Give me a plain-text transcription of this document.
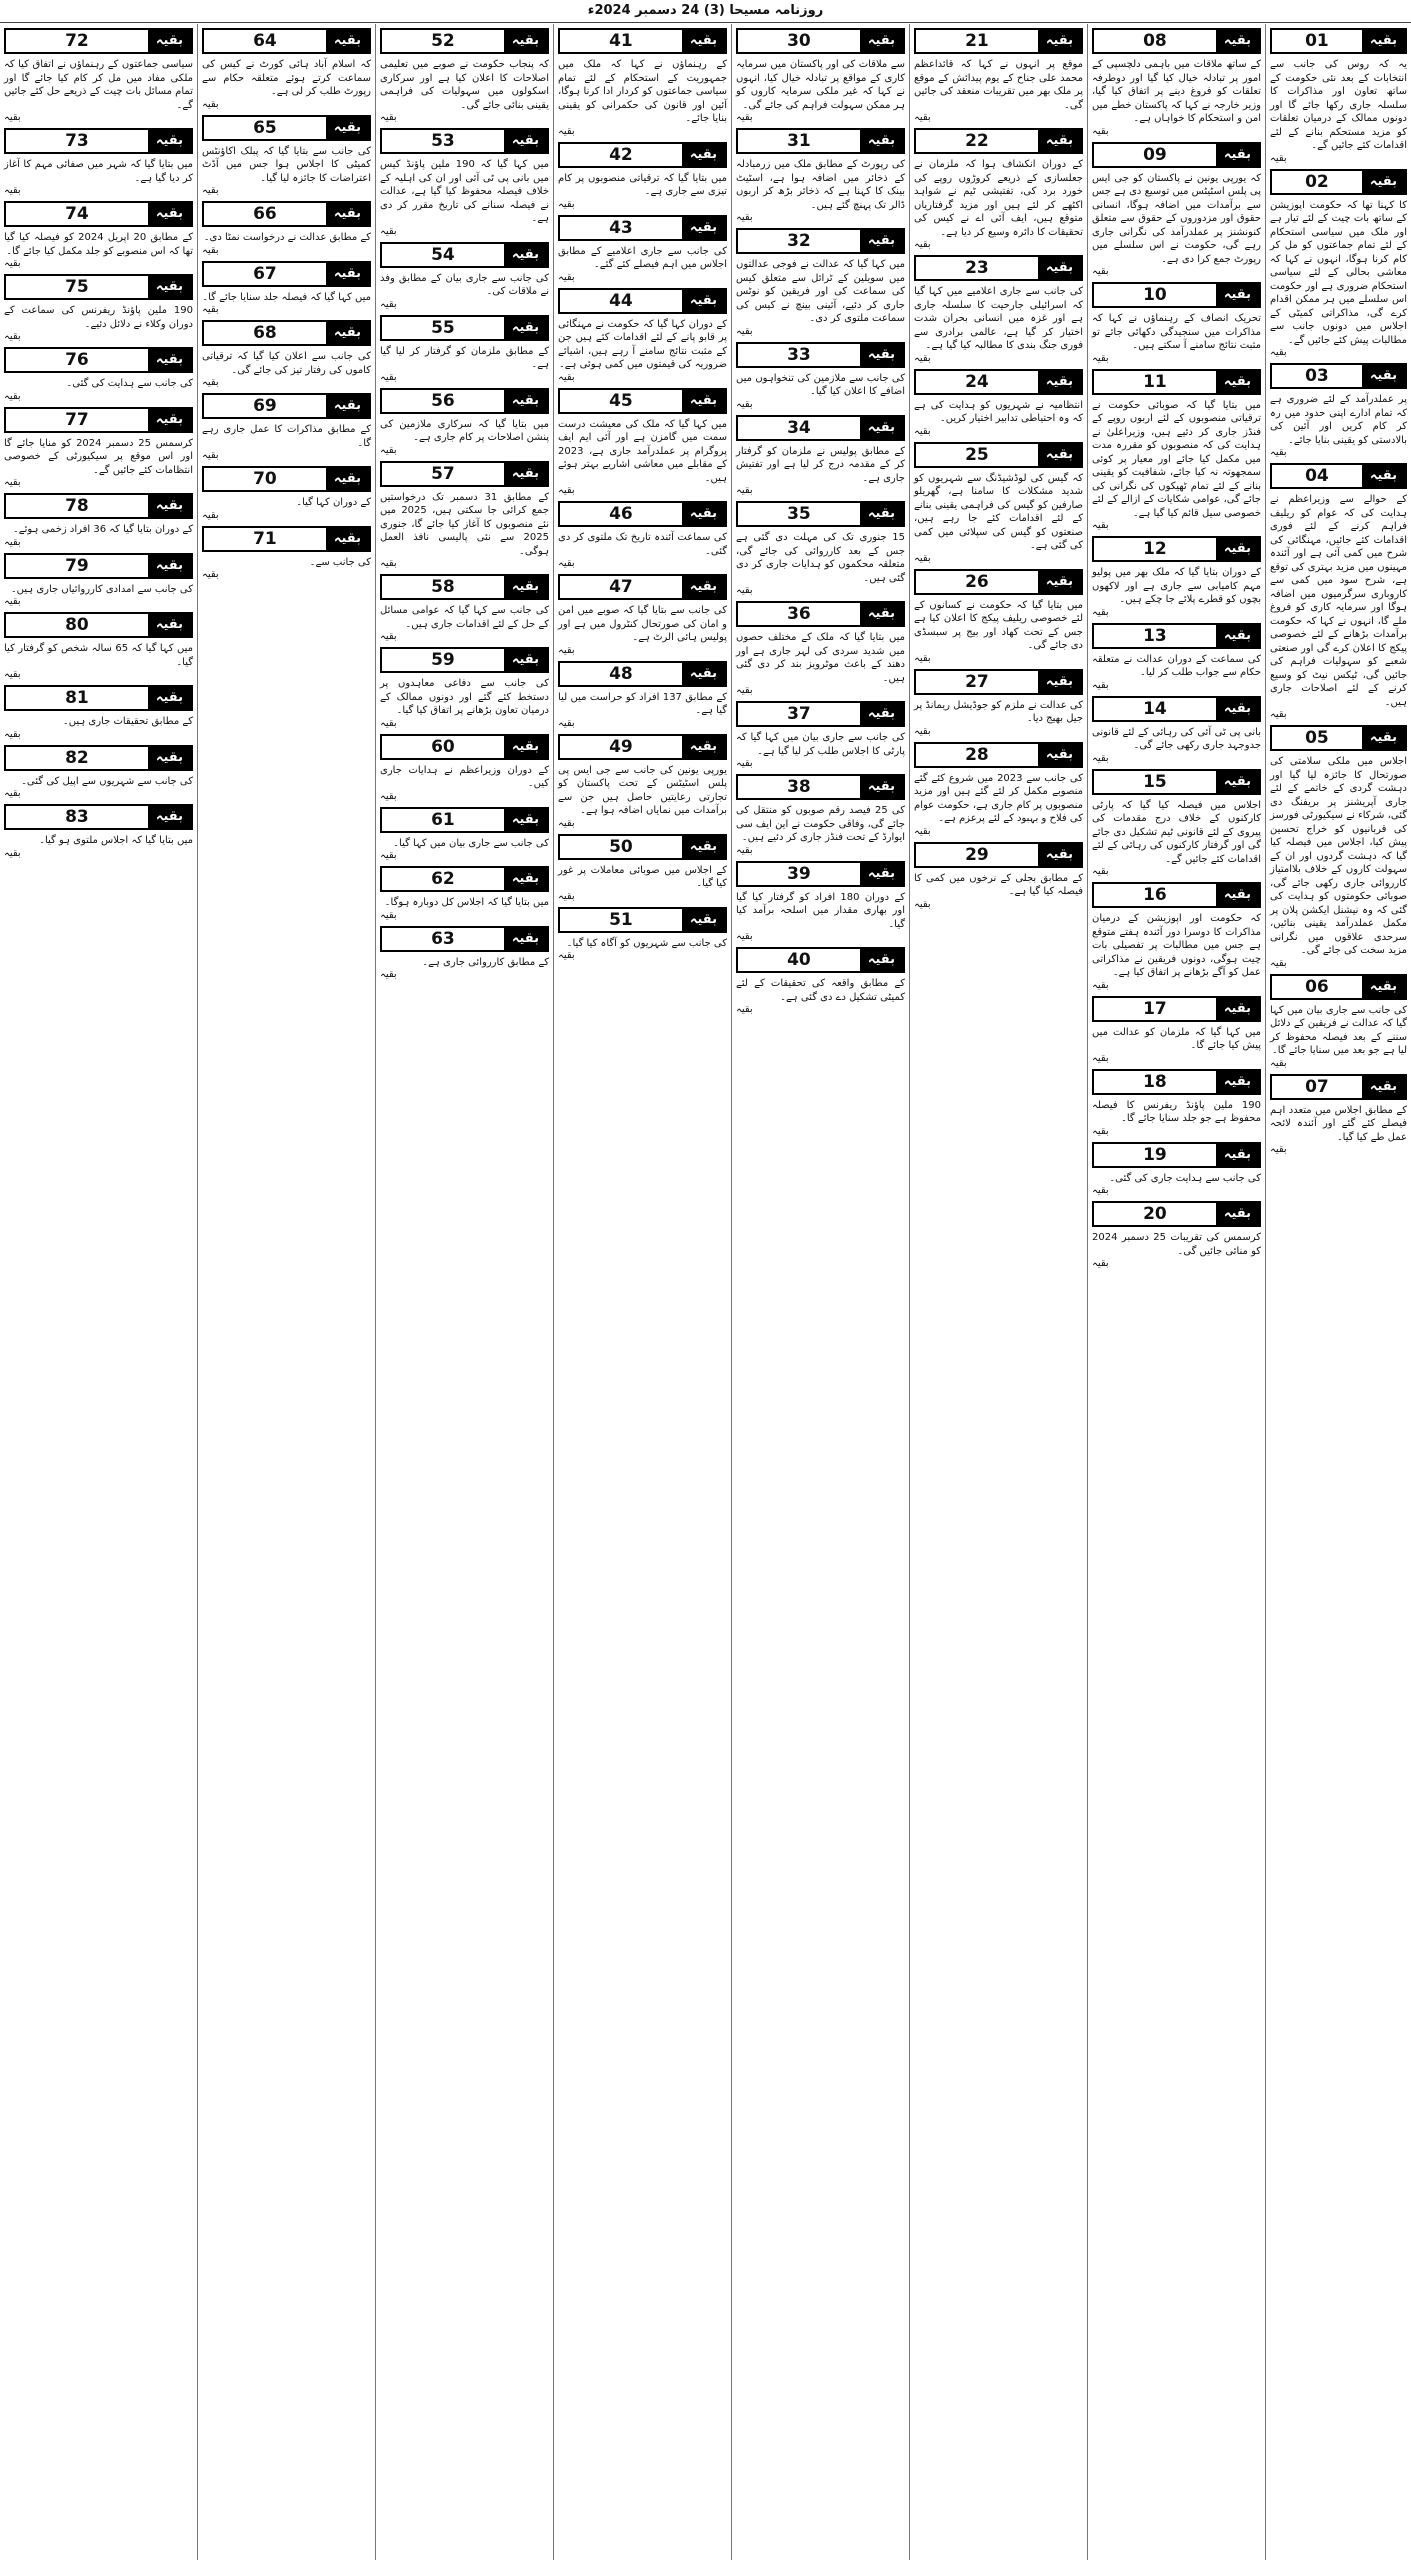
روزنامہ مسیحا (3) 24 دسمبر 2024ء
بقیہ
01

یہ کہ روس کی جانب سے انتخابات کے بعد نئی حکومت کے ساتھ تعاون اور مذاکرات کا سلسلہ جاری رکھا جائے گا اور دونوں ممالک کے درمیان تعلقات کو مزید مستحکم بنانے کے لئے اقدامات کئے جائیں گے۔

بقیہ
بقیہ
02

کا کہنا تھا کہ حکومت اپوزیشن کے ساتھ بات چیت کے لئے تیار ہے اور ملک میں سیاسی استحکام کے لئے تمام جماعتوں کو مل کر کام کرنا ہوگا، انہوں نے کہا کہ معاشی بحالی کے لئے سیاسی استحکام ضروری ہے اور حکومت اس سلسلے میں ہر ممکن اقدام کرے گی، مذاکراتی کمیٹی کے اجلاس میں دونوں جانب سے مطالبات پیش کئے جائیں گے۔

بقیہ
بقیہ
03

پر عملدرآمد کے لئے ضروری ہے کہ تمام ادارے اپنی حدود میں رہ کر کام کریں اور آئین کی بالادستی کو یقینی بنایا جائے۔

بقیہ
بقیہ
04

کے حوالے سے وزیراعظم نے ہدایت کی کہ عوام کو ریلیف فراہم کرنے کے لئے فوری اقدامات کئے جائیں، مہنگائی کی شرح میں کمی آئی ہے اور آئندہ مہینوں میں مزید بہتری کی توقع ہے، شرح سود میں کمی سے کاروباری سرگرمیوں میں اضافہ ہوگا اور سرمایہ کاری کو فروغ ملے گا، انہوں نے کہا کہ حکومت برآمدات بڑھانے کے لئے خصوصی پیکج کا اعلان کرے گی اور صنعتی شعبے کو سہولیات فراہم کی جائیں گی، ٹیکس نیٹ کو وسیع کرنے کے لئے اصلاحات جاری ہیں۔

بقیہ
بقیہ
05

اجلاس میں ملکی سلامتی کی صورتحال کا جائزہ لیا گیا اور دہشت گردی کے خاتمے کے لئے جاری آپریشنز پر بریفنگ دی گئی، شرکاء نے سیکیورٹی فورسز کی قربانیوں کو خراج تحسین پیش کیا، اجلاس میں فیصلہ کیا گیا کہ دہشت گردوں اور ان کے سہولت کاروں کے خلاف بلاامتیاز کارروائی جاری رکھی جائے گی، صوبائی حکومتوں کو ہدایت کی گئی کہ وہ نیشنل ایکشن پلان پر مکمل عملدرآمد یقینی بنائیں، سرحدی علاقوں میں نگرانی مزید سخت کی جائے گی۔

بقیہ
بقیہ
06

کی جانب سے جاری بیان میں کہا گیا کہ عدالت نے فریقین کے دلائل سننے کے بعد فیصلہ محفوظ کر لیا ہے جو بعد میں سنایا جائے گا۔

بقیہ
بقیہ
07

کے مطابق اجلاس میں متعدد اہم فیصلے کئے گئے اور آئندہ لائحہ عمل طے کیا گیا۔

بقیہ
بقیہ
08

کے ساتھ ملاقات میں باہمی دلچسپی کے امور پر تبادلہ خیال کیا گیا اور دوطرفہ تعلقات کو فروغ دینے پر اتفاق کیا گیا، وزیر خارجہ نے کہا کہ پاکستان خطے میں امن و استحکام کا خواہاں ہے۔

بقیہ
بقیہ
09

کہ یورپی یونین نے پاکستان کو جی ایس پی پلس اسٹیٹس میں توسیع دی ہے جس سے برآمدات میں اضافہ ہوگا، انسانی حقوق اور مزدوروں کے حقوق سے متعلق کنونشنز پر عملدرآمد کی نگرانی جاری رہے گی، حکومت نے اس سلسلے میں رپورٹ جمع کرا دی ہے۔

بقیہ
بقیہ
10

تحریک انصاف کے رہنماؤں نے کہا کہ مذاکرات میں سنجیدگی دکھائی جائے تو مثبت نتائج سامنے آ سکتے ہیں۔

بقیہ
بقیہ
11

میں بتایا گیا کہ صوبائی حکومت نے ترقیاتی منصوبوں کے لئے اربوں روپے کے فنڈز جاری کر دئیے ہیں، وزیراعلیٰ نے ہدایت کی کہ منصوبوں کو مقررہ مدت میں مکمل کیا جائے اور معیار پر کوئی سمجھوتہ نہ کیا جائے، شفافیت کو یقینی بنانے کے لئے تمام ٹھیکوں کی نگرانی کی جائے گی، عوامی شکایات کے ازالے کے لئے خصوصی سیل قائم کیا گیا ہے۔

بقیہ
بقیہ
12

کے دوران بتایا گیا کہ ملک بھر میں پولیو مہم کامیابی سے جاری ہے اور لاکھوں بچوں کو قطرے پلائے جا چکے ہیں۔

بقیہ
بقیہ
13

کی سماعت کے دوران عدالت نے متعلقہ حکام سے جواب طلب کر لیا۔

بقیہ
بقیہ
14

بانی پی ٹی آئی کی رہائی کے لئے قانونی جدوجہد جاری رکھی جائے گی۔

بقیہ
بقیہ
15

اجلاس میں فیصلہ کیا گیا کہ پارٹی کارکنوں کے خلاف درج مقدمات کی پیروی کے لئے قانونی ٹیم تشکیل دی جائے گی اور گرفتار کارکنوں کی رہائی کے لئے اقدامات کئے جائیں گے۔

بقیہ
بقیہ
16

کہ حکومت اور اپوزیشن کے درمیان مذاکرات کا دوسرا دور آئندہ ہفتے متوقع ہے جس میں مطالبات پر تفصیلی بات چیت ہوگی، دونوں فریقین نے مذاکراتی عمل کو آگے بڑھانے پر اتفاق کیا ہے۔

بقیہ
بقیہ
17

میں کہا گیا کہ ملزمان کو عدالت میں پیش کیا جائے گا۔

بقیہ
بقیہ
18

190 ملین پاؤنڈ ریفرنس کا فیصلہ محفوظ ہے جو جلد سنایا جائے گا۔

بقیہ
بقیہ
19

کی جانب سے ہدایت جاری کی گئی۔

بقیہ
بقیہ
20

کرسمس کی تقریبات 25 دسمبر 2024 کو منائی جائیں گی۔

بقیہ
بقیہ
21

موقع پر انہوں نے کہا کہ قائداعظم محمد علی جناح کے یوم پیدائش کے موقع پر ملک بھر میں تقریبات منعقد کی جائیں گی۔

بقیہ
بقیہ
22

کے دوران انکشاف ہوا کہ ملزمان نے جعلسازی کے ذریعے کروڑوں روپے کی خورد برد کی، تفتیشی ٹیم نے شواہد اکٹھے کر لئے ہیں اور مزید گرفتاریاں متوقع ہیں، ایف آئی اے نے کیس کی تحقیقات کا دائرہ وسیع کر دیا ہے۔

بقیہ
بقیہ
23

کی جانب سے جاری اعلامیے میں کہا گیا کہ اسرائیلی جارحیت کا سلسلہ جاری ہے اور غزہ میں انسانی بحران شدت اختیار کر گیا ہے، عالمی برادری سے فوری جنگ بندی کا مطالبہ کیا گیا ہے۔

بقیہ
بقیہ
24

انتظامیہ نے شہریوں کو ہدایت کی ہے کہ وہ احتیاطی تدابیر اختیار کریں۔

بقیہ
بقیہ
25

کہ گیس کی لوڈشیڈنگ سے شہریوں کو شدید مشکلات کا سامنا ہے، گھریلو صارفین کو گیس کی فراہمی یقینی بنانے کے لئے اقدامات کئے جا رہے ہیں، صنعتوں کو گیس کی سپلائی میں کمی کی گئی ہے۔

بقیہ
بقیہ
26

میں بتایا گیا کہ حکومت نے کسانوں کے لئے خصوصی ریلیف پیکج کا اعلان کیا ہے جس کے تحت کھاد اور بیج پر سبسڈی دی جائے گی۔

بقیہ
بقیہ
27

کی عدالت نے ملزم کو جوڈیشل ریمانڈ پر جیل بھیج دیا۔

بقیہ
بقیہ
28

کی جانب سے 2023 میں شروع کئے گئے منصوبے مکمل کر لئے گئے ہیں اور مزید منصوبوں پر کام جاری ہے، حکومت عوام کی فلاح و بہبود کے لئے پرعزم ہے۔

بقیہ
بقیہ
29

کے مطابق بجلی کے نرخوں میں کمی کا فیصلہ کیا گیا ہے۔

بقیہ
بقیہ
30

سے ملاقات کی اور پاکستان میں سرمایہ کاری کے مواقع پر تبادلہ خیال کیا، انہوں نے کہا کہ غیر ملکی سرمایہ کاروں کو ہر ممکن سہولت فراہم کی جائے گی۔

بقیہ
بقیہ
31

کی رپورٹ کے مطابق ملک میں زرمبادلہ کے ذخائر میں اضافہ ہوا ہے، اسٹیٹ بینک کا کہنا ہے کہ ذخائر بڑھ کر اربوں ڈالر تک پہنچ گئے ہیں۔

بقیہ
بقیہ
32

میں کہا گیا کہ عدالت نے فوجی عدالتوں میں سویلین کے ٹرائل سے متعلق کیس کی سماعت کی اور فریقین کو نوٹس جاری کر دئیے، آئینی بینچ نے کیس کی سماعت ملتوی کر دی۔

بقیہ
بقیہ
33

کی جانب سے ملازمین کی تنخواہوں میں اضافے کا اعلان کیا گیا۔

بقیہ
بقیہ
34

کے مطابق پولیس نے ملزمان کو گرفتار کر کے مقدمہ درج کر لیا ہے اور تفتیش جاری ہے۔

بقیہ
بقیہ
35

15 جنوری تک کی مہلت دی گئی ہے جس کے بعد کارروائی کی جائے گی، متعلقہ محکموں کو ہدایات جاری کر دی گئی ہیں۔

بقیہ
بقیہ
36

میں بتایا گیا کہ ملک کے مختلف حصوں میں شدید سردی کی لہر جاری ہے اور دھند کے باعث موٹرویز بند کر دی گئی ہیں۔

بقیہ
بقیہ
37

کی جانب سے جاری بیان میں کہا گیا کہ پارٹی کا اجلاس طلب کر لیا گیا ہے۔

بقیہ
بقیہ
38

کی 25 فیصد رقم صوبوں کو منتقل کی جائے گی، وفاقی حکومت نے این ایف سی ایوارڈ کے تحت فنڈز جاری کر دئیے ہیں۔

بقیہ
بقیہ
39

کے دوران 180 افراد کو گرفتار کیا گیا اور بھاری مقدار میں اسلحہ برآمد کیا گیا۔

بقیہ
بقیہ
40

کے مطابق واقعہ کی تحقیقات کے لئے کمیٹی تشکیل دے دی گئی ہے۔

بقیہ
بقیہ
41

کے رہنماؤں نے کہا کہ ملک میں جمہوریت کے استحکام کے لئے تمام سیاسی جماعتوں کو کردار ادا کرنا ہوگا، آئین اور قانون کی حکمرانی کو یقینی بنایا جائے۔

بقیہ
بقیہ
42

میں بتایا گیا کہ ترقیاتی منصوبوں پر کام تیزی سے جاری ہے۔

بقیہ
بقیہ
43

کی جانب سے جاری اعلامیے کے مطابق اجلاس میں اہم فیصلے کئے گئے۔

بقیہ
بقیہ
44

کے دوران کہا گیا کہ حکومت نے مہنگائی پر قابو پانے کے لئے اقدامات کئے ہیں جن کے مثبت نتائج سامنے آ رہے ہیں، اشیائے ضروریہ کی قیمتوں میں کمی ہوئی ہے۔

بقیہ
بقیہ
45

میں کہا گیا کہ ملک کی معیشت درست سمت میں گامزن ہے اور آئی ایم ایف پروگرام پر عملدرآمد جاری ہے، 2023 کے مقابلے میں معاشی اشاریے بہتر ہوئے ہیں۔

بقیہ
بقیہ
46

کی سماعت آئندہ تاریخ تک ملتوی کر دی گئی۔

بقیہ
بقیہ
47

کی جانب سے بتایا گیا کہ صوبے میں امن و امان کی صورتحال کنٹرول میں ہے اور پولیس ہائی الرٹ ہے۔

بقیہ
بقیہ
48

کے مطابق 137 افراد کو حراست میں لیا گیا ہے۔

بقیہ
بقیہ
49

یورپی یونین کی جانب سے جی ایس پی پلس اسٹیٹس کے تحت پاکستان کو تجارتی رعایتیں حاصل ہیں جن سے برآمدات میں نمایاں اضافہ ہوا ہے۔

بقیہ
بقیہ
50

کے اجلاس میں صوبائی معاملات پر غور کیا گیا۔

بقیہ
بقیہ
51

کی جانب سے شہریوں کو آگاہ کیا گیا۔

بقیہ
بقیہ
52

کہ پنجاب حکومت نے صوبے میں تعلیمی اصلاحات کا اعلان کیا ہے اور سرکاری اسکولوں میں سہولیات کی فراہمی یقینی بنائی جائے گی۔

بقیہ
بقیہ
53

میں کہا گیا کہ 190 ملین پاؤنڈ کیس میں بانی پی ٹی آئی اور ان کی اہلیہ کے خلاف فیصلہ محفوظ کیا گیا ہے، عدالت نے فیصلہ سنانے کی تاریخ مقرر کر دی ہے۔

بقیہ
بقیہ
54

کی جانب سے جاری بیان کے مطابق وفد نے ملاقات کی۔

بقیہ
بقیہ
55

کے مطابق ملزمان کو گرفتار کر لیا گیا ہے۔

بقیہ
بقیہ
56

میں بتایا گیا کہ سرکاری ملازمین کی پنشن اصلاحات پر کام جاری ہے۔

بقیہ
بقیہ
57

کے مطابق 31 دسمبر تک درخواستیں جمع کرائی جا سکتی ہیں، 2025 میں نئے منصوبوں کا آغاز کیا جائے گا، جنوری 2025 سے نئی پالیسی نافذ العمل ہوگی۔

بقیہ
بقیہ
58

کی جانب سے کہا گیا کہ عوامی مسائل کے حل کے لئے اقدامات جاری ہیں۔

بقیہ
بقیہ
59

کی جانب سے دفاعی معاہدوں پر دستخط کئے گئے اور دونوں ممالک کے درمیان تعاون بڑھانے پر اتفاق کیا گیا۔

بقیہ
بقیہ
60

کے دوران وزیراعظم نے ہدایات جاری کیں۔

بقیہ
بقیہ
61

کی جانب سے جاری بیان میں کہا گیا۔

بقیہ
بقیہ
62

میں بتایا گیا کہ اجلاس کل دوبارہ ہوگا۔

بقیہ
بقیہ
63

کے مطابق کارروائی جاری ہے۔

بقیہ
بقیہ
64

کہ اسلام آباد ہائی کورٹ نے کیس کی سماعت کرتے ہوئے متعلقہ حکام سے رپورٹ طلب کر لی ہے۔

بقیہ
بقیہ
65

کی جانب سے بتایا گیا کہ پبلک اکاؤنٹس کمیٹی کا اجلاس ہوا جس میں آڈٹ اعتراضات کا جائزہ لیا گیا۔

بقیہ
بقیہ
66

کے مطابق عدالت نے درخواست نمٹا دی۔

بقیہ
بقیہ
67

میں کہا گیا کہ فیصلہ جلد سنایا جائے گا۔

بقیہ
بقیہ
68

کی جانب سے اعلان کیا گیا کہ ترقیاتی کاموں کی رفتار تیز کی جائے گی۔

بقیہ
بقیہ
69

کے مطابق مذاکرات کا عمل جاری رہے گا۔

بقیہ
بقیہ
70

کے دوران کہا گیا۔

بقیہ
بقیہ
71

کی جانب سے۔

بقیہ
بقیہ
72

سیاسی جماعتوں کے رہنماؤں نے اتفاق کیا کہ ملکی مفاد میں مل کر کام کیا جائے گا اور تمام مسائل بات چیت کے ذریعے حل کئے جائیں گے۔

بقیہ
بقیہ
73

میں بتایا گیا کہ شہر میں صفائی مہم کا آغاز کر دیا گیا ہے۔

بقیہ
بقیہ
74

کے مطابق 20 اپریل 2024 کو فیصلہ کیا گیا تھا کہ اس منصوبے کو جلد مکمل کیا جائے گا۔

بقیہ
بقیہ
75

190 ملین پاؤنڈ ریفرنس کی سماعت کے دوران وکلاء نے دلائل دئیے۔

بقیہ
بقیہ
76

کی جانب سے ہدایت کی گئی۔

بقیہ
بقیہ
77

کرسمس 25 دسمبر 2024 کو منایا جائے گا اور اس موقع پر سیکیورٹی کے خصوصی انتظامات کئے جائیں گے۔

بقیہ
بقیہ
78

کے دوران بتایا گیا کہ 36 افراد زخمی ہوئے۔

بقیہ
بقیہ
79

کی جانب سے امدادی کارروائیاں جاری ہیں۔

بقیہ
بقیہ
80

میں کہا گیا کہ 65 سالہ شخص کو گرفتار کیا گیا۔

بقیہ
بقیہ
81

کے مطابق تحقیقات جاری ہیں۔

بقیہ
بقیہ
82

کی جانب سے شہریوں سے اپیل کی گئی۔

بقیہ
بقیہ
83

میں بتایا گیا کہ اجلاس ملتوی ہو گیا۔

بقیہ
